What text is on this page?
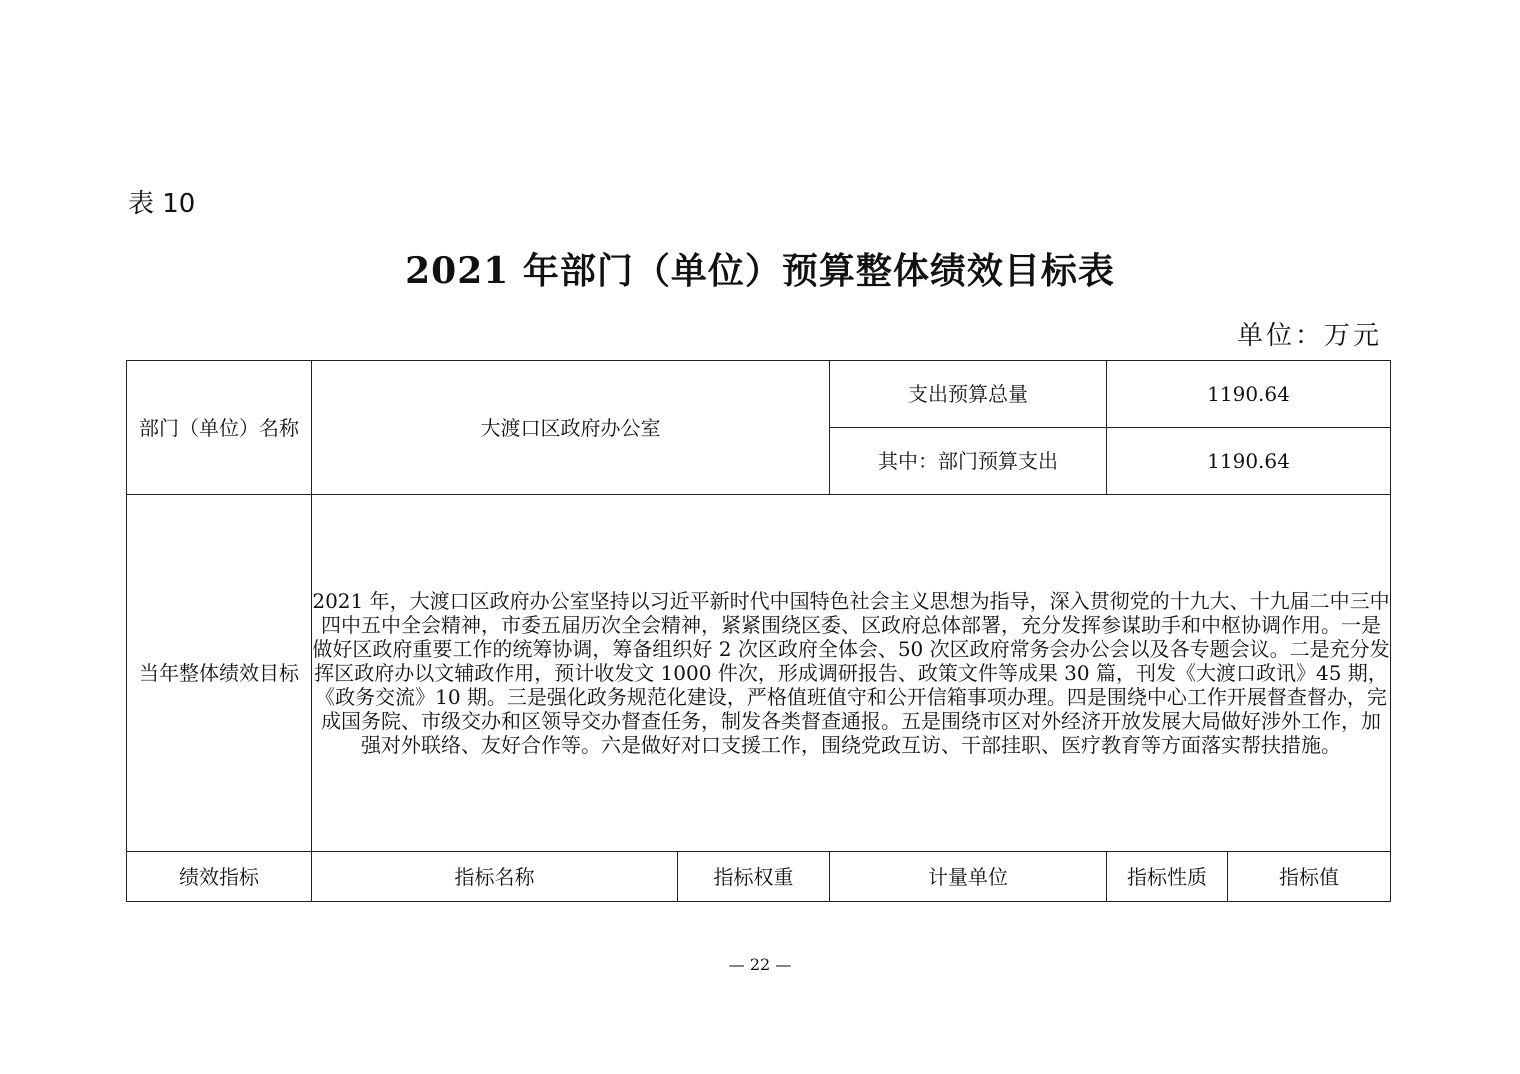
表 10
2021 年部门（单位）预算整体绩效目标表
单位：万元
部门（单位）名称	大渡口区政府办公室		支出预算总量	1190.64	
			其中：部门预算支出	1190.64	
当年整体绩效目标	2021 年，大渡口区政府办公室坚持以习近平新时代中国特色社会主义思想为指导，深入贯彻党的十九大、十九届二中三中四中五中全会精神，市委五届历次全会精神，紧紧围绕区委、区政府总体部署，充分发挥参谋助手和中枢协调作用。一是做好区政府重要工作的统筹协调，筹备组织好 2 次区政府全体会、50 次区政府常务会办公会以及各专题会议。二是充分发挥区政府办以文辅政作用，预计收发文 1000 件次，形成调研报告、政策文件等成果 30 篇，刊发《大渡口政讯》45 期，《政务交流》10 期。三是强化政务规范化建设，严格值班值守和公开信箱事项办理。四是围绕中心工作开展督查督办，完成国务院、市级交办和区领导交办督查任务，制发各类督查通报。五是围绕市区对外经济开放发展大局做好涉外工作，加强对外联络、友好合作等。六是做好对口支援工作，围绕党政互访、干部挂职、医疗教育等方面落实帮扶措施。				
绩效指标	指标名称	指标权重	计量单位	指标性质	指标值
— 22 —
